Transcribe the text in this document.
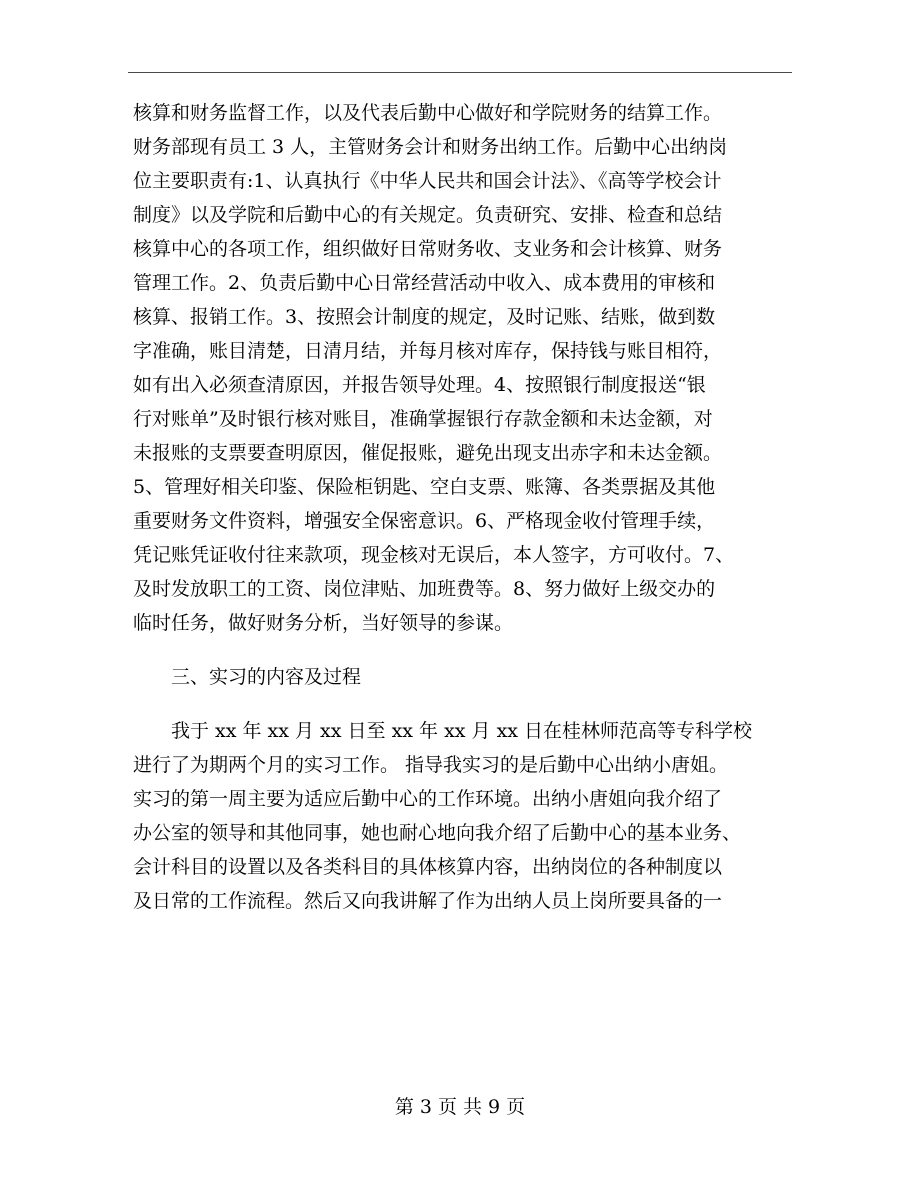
核算和财务监督工作，以及代表后勤中心做好和学院财务的结算工作。
财务部现有员工 3 人，主管财务会计和财务出纳工作。后勤中心出纳岗
位主要职责有:1、认真执行《中华人民共和国会计法》、《高等学校会计
制度》以及学院和后勤中心的有关规定。负责研究、安排、检查和总结
核算中心的各项工作，组织做好日常财务收、支业务和会计核算、财务
管理工作。2、负责后勤中心日常经营活动中收入、成本费用的审核和
核算、报销工作。3、按照会计制度的规定，及时记账、结账，做到数
字准确，账目清楚，日清月结，并每月核对库存，保持钱与账目相符，
如有出入必须查清原因，并报告领导处理。4、按照银行制度报送“银
行对账单”及时银行核对账目，准确掌握银行存款金额和未达金额，对
未报账的支票要查明原因，催促报账，避免出现支出赤字和未达金额。
5、管理好相关印鉴、保险柜钥匙、空白支票、账簿、各类票据及其他
重要财务文件资料，增强安全保密意识。6、严格现金收付管理手续，
凭记账凭证收付往来款项，现金核对无误后，本人签字，方可收付。7、
及时发放职工的工资、岗位津贴、加班费等。8、努力做好上级交办的
临时任务，做好财务分析，当好领导的参谋。
三、实习的内容及过程
我于 xx 年 xx 月 xx 日至 xx 年 xx 月 xx 日在桂林师范高等专科学校
进行了为期两个月的实习工作。 指导我实习的是后勤中心出纳小唐姐。
实习的第一周主要为适应后勤中心的工作环境。出纳小唐姐向我介绍了
办公室的领导和其他同事，她也耐心地向我介绍了后勤中心的基本业务、
会计科目的设置以及各类科目的具体核算内容，出纳岗位的各种制度以
及日常的工作流程。然后又向我讲解了作为出纳人员上岗所要具备的一
第 3 页 共 9 页
